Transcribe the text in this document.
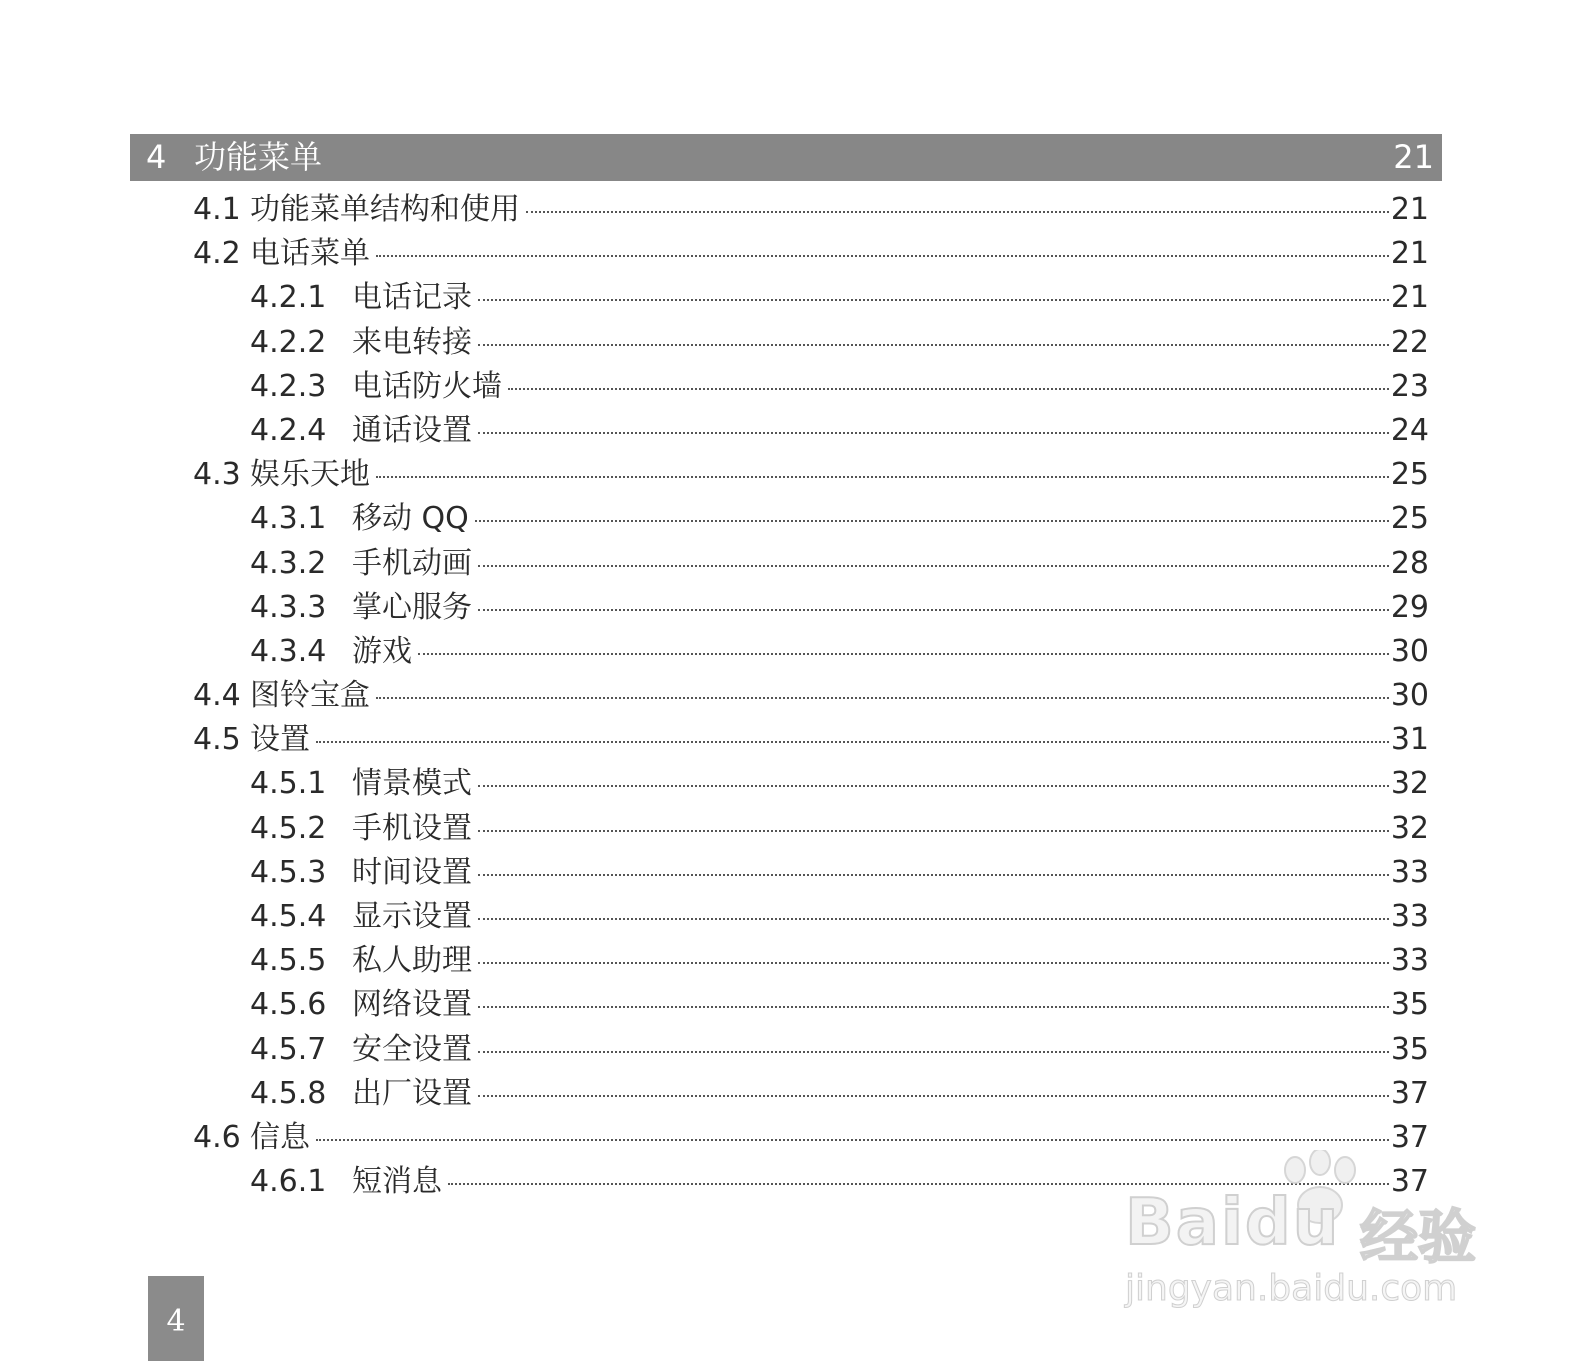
4 功能菜单	21
4.1 功能菜单结构和使用	21
4.2 电话菜单	21
4.2.1 电话记录	21
4.2.2 来电转接	22
4.2.3 电话防火墙	23
4.2.4 通话设置	24
4.3 娱乐天地	25
4.3.1 移动 QQ	25
4.3.2 手机动画	28
4.3.3 掌心服务	29
4.3.4 游戏	30
4.4 图铃宝盒	30
4.5 设置	31
4.5.1 情景模式	32
4.5.2 手机设置	32
4.5.3 时间设置	33
4.5.4 显示设置	33
4.5.5 私人助理	33
4.5.6 网络设置	35
4.5.7 安全设置	35
4.5.8 出厂设置	37
4.6 信息	37
4.6.1 短消息	37
4
Baidu 经验
jingyan.baidu.com
